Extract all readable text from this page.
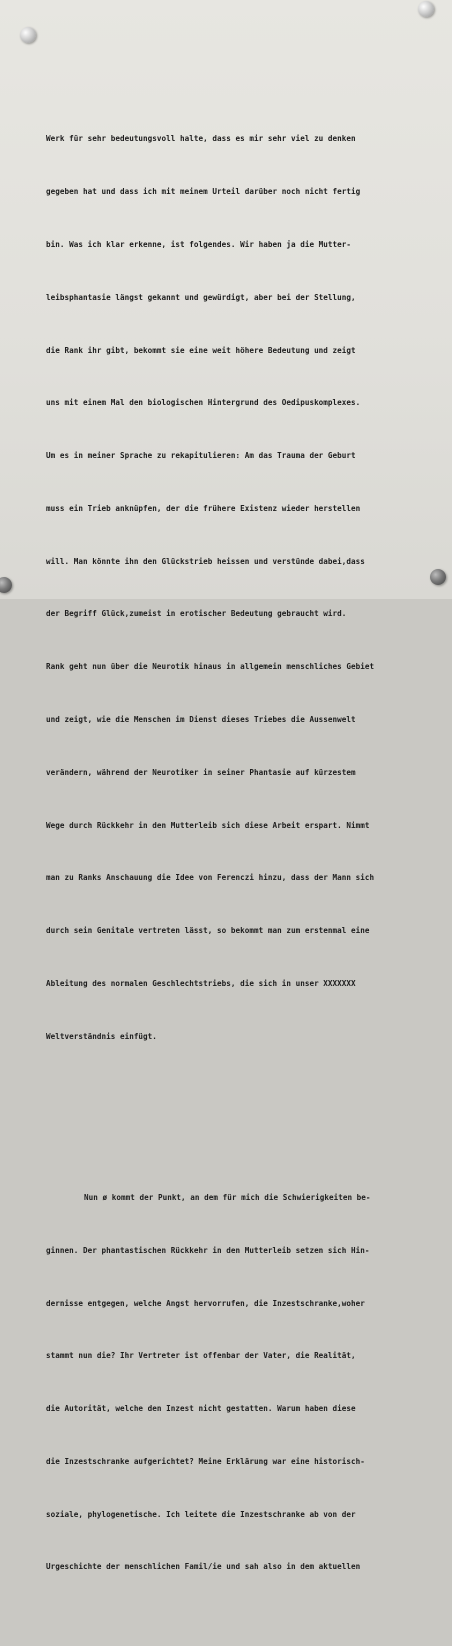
Werk für sehr bedeutungsvoll halte, dass es mir sehr viel zu denken

gegeben hat und dass ich mit meinem Urteil darüber noch nicht fertig

bin. Was ich klar erkenne, ist folgendes. Wir haben ja die Mutter-

leibsphantasie längst gekannt und gewürdigt, aber bei der Stellung,

die Rank ihr gibt, bekommt sie eine weit höhere Bedeutung und zeigt

uns mit einem Mal den biologischen Hintergrund des Oedipuskomplexes.

Um es in meiner Sprache zu rekapitulieren: Am das Trauma der Geburt

muss ein Trieb anknüpfen, der die frühere Existenz wieder herstellen

will. Man könnte ihn den Glückstrieb heissen und verstünde dabei,dass

der Begriff Glück,zumeist in erotischer Bedeutung gebraucht wird.

Rank geht nun über die Neurotik hinaus in allgemein menschliches Gebiet

und zeigt, wie die Menschen im Dienst dieses Triebes die Aussenwelt

verändern, während der Neurotiker in seiner Phantasie auf kürzestem

Wege durch Rückkehr in den Mutterleib sich diese Arbeit erspart. Nimmt

man zu Ranks Anschauung die Idee von Ferenczi hinzu, dass der Mann sich

durch sein Genitale vertreten lässt, so bekommt man zum erstenmal eine

Ableitung des normalen Geschlechtstriebs, die sich in unser XXXXXXX

Weltverständnis einfügt.

Nun ø kommt der Punkt, an dem für mich die Schwierigkeiten be-

ginnen. Der phantastischen Rückkehr in den Mutterleib setzen sich Hin-

dernisse entgegen, welche Angst hervorrufen, die Inzestschranke,woher

stammt nun die? Ihr Vertreter ist offenbar der Vater, die Realität,

die Autorität, welche den Inzest nicht gestatten. Warum haben diese

die Inzestschranke aufgerichtet? Meine Erklärung war eine historisch-

soziale, phylogenetische. Ich leitete die Inzestschranke ab von der

Urgeschichte der menschlichen Famil/ie und sah also in dem aktuellen
